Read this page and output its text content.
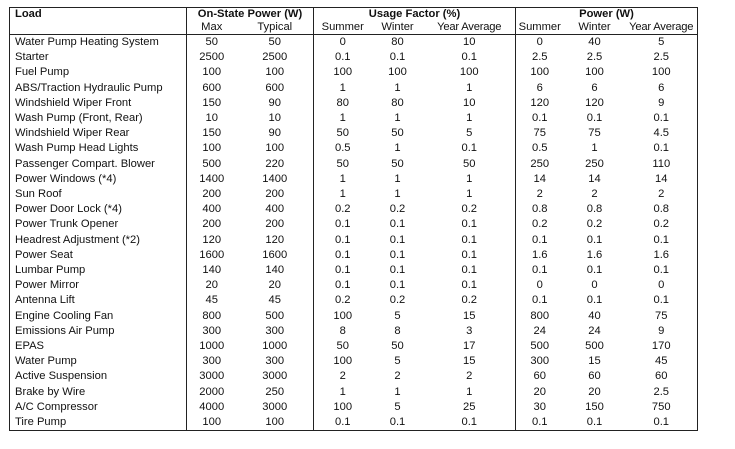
Load	On-State Power (W)		Usage Factor (%)			Power (W)		
	Max	Typical	Summer	Winter	Year Average	Summer	Winter	Year Average
Water Pump Heating System	50	50	0	80	10	0	40	5
Starter	2500	2500	0.1	0.1	0.1	2.5	2.5	2.5
Fuel Pump	100	100	100	100	100	100	100	100
ABS/Traction Hydraulic Pump	600	600	1	1	1	6	6	6
Windshield Wiper Front	150	90	80	80	10	120	120	9
Wash Pump (Front, Rear)	10	10	1	1	1	0.1	0.1	0.1
Windshield Wiper Rear	150	90	50	50	5	75	75	4.5
Wash Pump Head Lights	100	100	0.5	1	0.1	0.5	1	0.1
Passenger Compart. Blower	500	220	50	50	50	250	250	110
Power Windows (*4)	1400	1400	1	1	1	14	14	14
Sun Roof	200	200	1	1	1	2	2	2
Power Door Lock (*4)	400	400	0.2	0.2	0.2	0.8	0.8	0.8
Power Trunk Opener	200	200	0.1	0.1	0.1	0.2	0.2	0.2
Headrest Adjustment (*2)	120	120	0.1	0.1	0.1	0.1	0.1	0.1
Power Seat	1600	1600	0.1	0.1	0.1	1.6	1.6	1.6
Lumbar Pump	140	140	0.1	0.1	0.1	0.1	0.1	0.1
Power Mirror	20	20	0.1	0.1	0.1	0	0	0
Antenna Lift	45	45	0.2	0.2	0.2	0.1	0.1	0.1
Engine Cooling Fan	800	500	100	5	15	800	40	75
Emissions Air Pump	300	300	8	8	3	24	24	9
EPAS	1000	1000	50	50	17	500	500	170
Water Pump	300	300	100	5	15	300	15	45
Active Suspension	3000	3000	2	2	2	60	60	60
Brake by Wire	2000	250	1	1	1	20	20	2.5
A/C Compressor	4000	3000	100	5	25	30	150	750
Tire Pump	100	100	0.1	0.1	0.1	0.1	0.1	0.1
